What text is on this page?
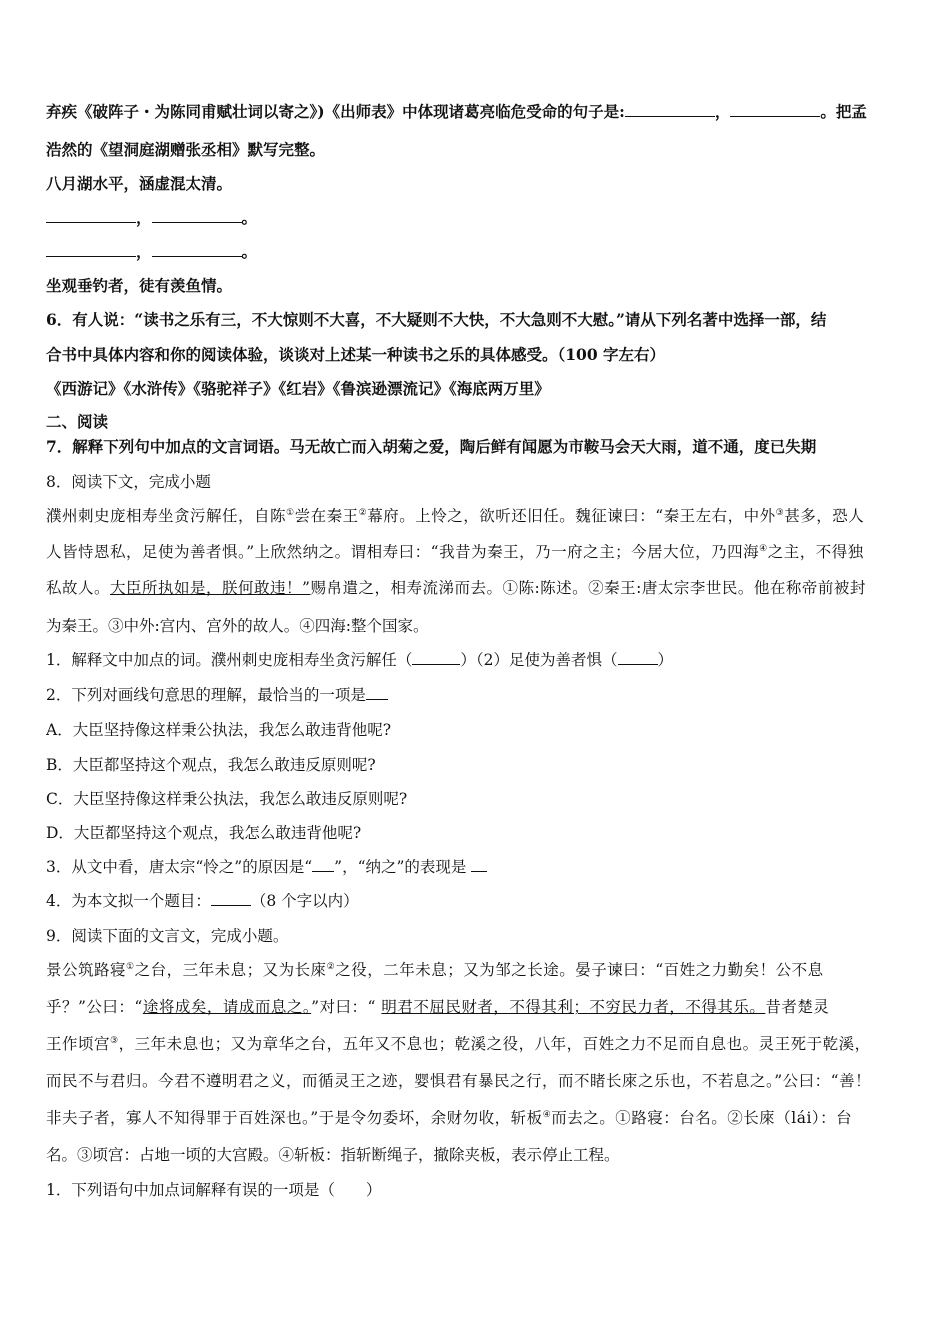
弃疾《破阵子・为陈同甫赋壮词以寄之》)《出师表》中体现诸葛亮临危受命的句子是:	，	。把孟
浩然的《望洞庭湖赠张丞相》默写完整。
八月湖水平，涵虚混太清。
，	。
，	。
坐观垂钓者，徒有羡鱼情。
6．有人说：“读书之乐有三，不大惊则不大喜，不大疑则不大快，不大急则不大慰。”请从下列名著中选择一部，结
合书中具体内容和你的阅读体验，谈谈对上述某一种读书之乐的具体感受。（100 字左右）
《西游记》《水浒传》《骆驼祥子》《红岩》《鲁滨逊漂流记》《海底两万里》
二、阅读
7．解释下列句中加点的文言词语。马无故亡而入胡菊之爱，陶后鲜有闻愿为市鞍马会天大雨，道不通，度已失期
8．阅读下文，完成小题
濮州刺史庞相寿坐贪污解任，自陈①尝在秦王②幕府。上怜之，欲听还旧任。魏征谏曰：“秦王左右，中外③甚多，恐人
人皆恃恩私，足使为善者惧。”上欣然纳之。谓相寿曰：“我昔为秦王，乃一府之主；今居大位，乃四海④之主，不得独
私故人。大臣所执如是，朕何敢违！”赐帛遣之，相寿流涕而去。①陈:陈述。②秦王:唐太宗李世民。他在称帝前被封
为秦王。③中外:宫内、宫外的故人。④四海:整个国家。
1．解释文中加点的词。濮州刺史庞相寿坐贪污解任（	）（2）足使为善者惧（	）
2．下列对画线句意思的理解，最恰当的一项是
A．大臣坚持像这样秉公执法，我怎么敢违背他呢?
B．大臣都坚持这个观点，我怎么敢违反原则呢?
C．大臣坚持像这样秉公执法，我怎么敢违反原则呢?
D．大臣都坚持这个观点，我怎么敢违背他呢?
3．从文中看，唐太宗“怜之”的原因是“ ”，“纳之”的表现是
4．为本文拟一个题目：	（8 个字以内）
9．阅读下面的文言文，完成小题。
景公筑路寝①之台，三年未息；又为长庲②之役，二年未息；又为邹之长途。晏子谏曰：“百姓之力勤矣！公不息
乎？”公曰：“途将成矣，请成而息之。”对曰：“ 明君不屈民财者，不得其利；不穷民力者，不得其乐。昔者楚灵
王作顷宫③，三年未息也；又为章华之台，五年又不息也；乾溪之役，八年，百姓之力不足而自息也。灵王死于乾溪，
而民不与君归。今君不遵明君之义，而循灵王之迹，婴惧君有暴民之行，而不睹长庲之乐也，不若息之。”公曰：“善！
非夫子者，寡人不知得罪于百姓深也。”于是令勿委坏，余财勿收，斩板④而去之。①路寝：台名。②长庲（lái）：台
名。③顷宫：占地一顷的大宫殿。④斩板：指斩断绳子，撤除夹板，表示停止工程。
1．下列语句中加点词解释有误的一项是（　　）
